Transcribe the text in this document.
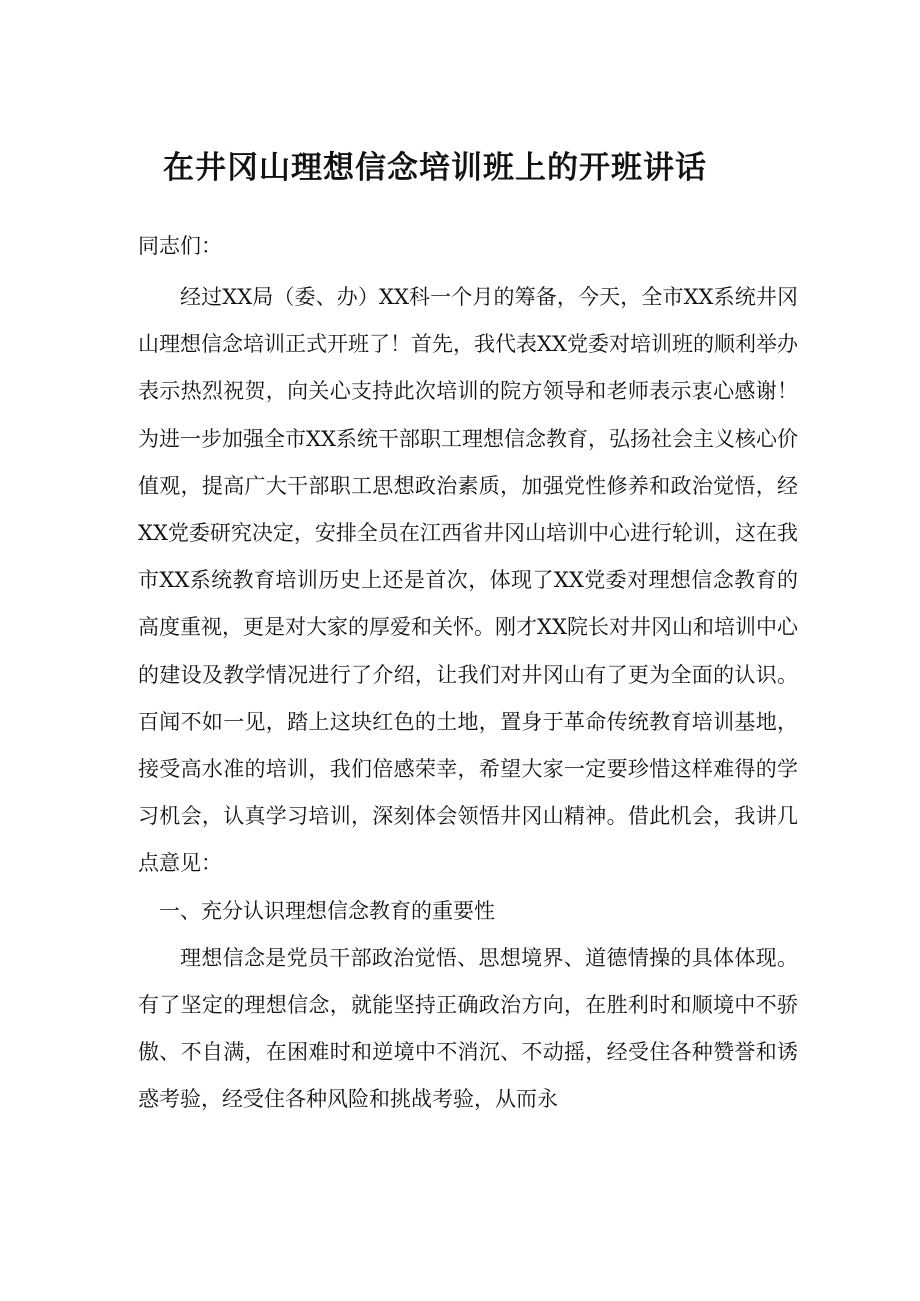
在井冈山理想信念培训班上的开班讲话
同志们：

经过XX局（委、办）XX科一个月的筹备，今天，全市XX系统井冈山理想信念培训正式开班了！首先，我代表XX党委对培训班的顺利举办表示热烈祝贺，向关心支持此次培训的院方领导和老师表示衷心感谢！为进一步加强全市XX系统干部职工理想信念教育，弘扬社会主义核心价值观，提高广大干部职工思想政治素质，加强党性修养和政治觉悟，经XX党委研究决定，安排全员在江西省井冈山培训中心进行轮训，这在我市XX系统教育培训历史上还是首次，体现了XX党委对理想信念教育的高度重视，更是对大家的厚爱和关怀。刚才XX院长对井冈山和培训中心的建设及教学情况进行了介绍，让我们对井冈山有了更为全面的认识。百闻不如一见，踏上这块红色的土地，置身于革命传统教育培训基地，接受高水准的培训，我们倍感荣幸，希望大家一定要珍惜这样难得的学习机会，认真学习培训，深刻体会领悟井冈山精神。借此机会，我讲几点意见：

一、充分认识理想信念教育的重要性

理想信念是党员干部政治觉悟、思想境界、道德情操的具体体现。有了坚定的理想信念，就能坚持正确政治方向，在胜利时和顺境中不骄傲、不自满，在困难时和逆境中不消沉、不动摇，经受住各种赞誉和诱惑考验，经受住各种风险和挑战考验，从而永
